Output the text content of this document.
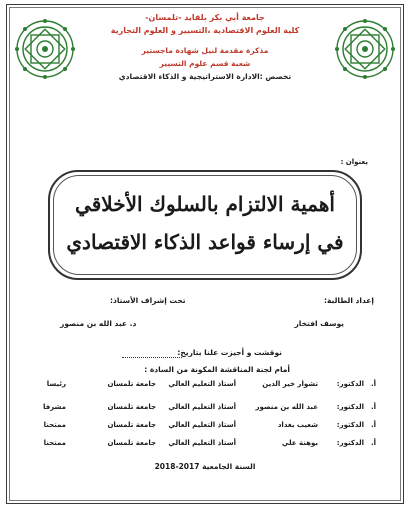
جامعة أبي بكر بلقايد -تلمسان-
كلية العلوم الاقتصادية ،التسيير و العلوم التجارية
مذكرة مقدمة لنيل شهادة ماجستير
شعبة قسم علوم التسيير
تخصص :الادارة الاستراتيجية و الذكاء الاقتصادي
بعنوان :
أهمية الالتزام بالسلوك الأخلاقي
في إرساء قواعد الذكاء الاقتصادي
إعداد الطالبة:
يوسف افتخار
تحت إشراف الأستاذ:
د. عبد الله بن منصور
نوقشت و أجيزت علنا بتاريخ:
أمام لجنة المناقشة المكونة من السادة :
أ.
الدكتور:
تشوار خير الدين
أستاذ التعليم العالي
جامعة تلمسان
رئيسا
أ.
الدكتور:
عبد الله بن منصور
أستاذ التعليم العالي
جامعة تلمسان
مشرفا
أ.
الدكتور:
شعيب بغداد
أستاذ التعليم العالي
جامعة تلمسان
ممتحنا
أ.
الدكتور:
بوهنة علي
أستاذ التعليم العالي
جامعة تلمسان
ممتحنا
السنة الجامعية 2017-2018
